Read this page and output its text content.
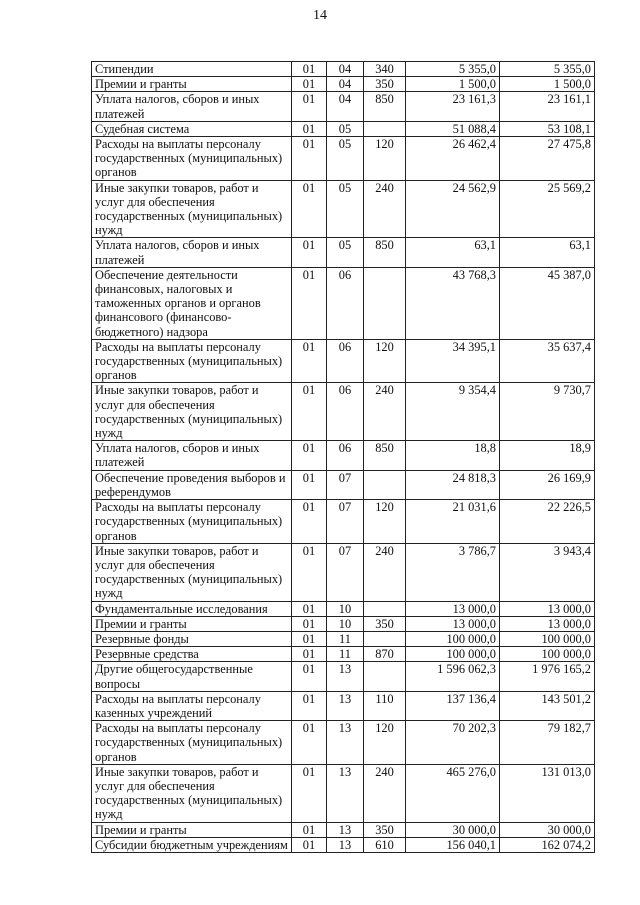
14
Стипендии	01	04	340	5 355,0	5 355,0
Премии и гранты	01	04	350	1 500,0	1 500,0
Уплата налогов, сборов и иных платежей	01	04	850	23 161,3	23 161,1
Судебная система	01	05		51 088,4	53 108,1
Расходы на выплаты персоналу государственных (муниципальных) органов	01	05	120	26 462,4	27 475,8
Иные закупки товаров, работ и услуг для обеспечения государственных (муниципальных) нужд	01	05	240	24 562,9	25 569,2
Уплата налогов, сборов и иных платежей	01	05	850	63,1	63,1
Обеспечение деятельности финансовых, налоговых и таможенных органов и органов финансового (финансово-бюджетного) надзора	01	06		43 768,3	45 387,0
Расходы на выплаты персоналу государственных (муниципальных) органов	01	06	120	34 395,1	35 637,4
Иные закупки товаров, работ и услуг для обеспечения государственных (муниципальных) нужд	01	06	240	9 354,4	9 730,7
Уплата налогов, сборов и иных платежей	01	06	850	18,8	18,9
Обеспечение проведения выборов и референдумов	01	07		24 818,3	26 169,9
Расходы на выплаты персоналу государственных (муниципальных) органов	01	07	120	21 031,6	22 226,5
Иные закупки товаров, работ и услуг для обеспечения государственных (муниципальных) нужд	01	07	240	3 786,7	3 943,4
Фундаментальные исследования	01	10		13 000,0	13 000,0
Премии и гранты	01	10	350	13 000,0	13 000,0
Резервные фонды	01	11		100 000,0	100 000,0
Резервные средства	01	11	870	100 000,0	100 000,0
Другие общегосударственные вопросы	01	13		1 596 062,3	1 976 165,2
Расходы на выплаты персоналу казенных учреждений	01	13	110	137 136,4	143 501,2
Расходы на выплаты персоналу государственных (муниципальных) органов	01	13	120	70 202,3	79 182,7
Иные закупки товаров, работ и услуг для обеспечения государственных (муниципальных) нужд	01	13	240	465 276,0	131 013,0
Премии и гранты	01	13	350	30 000,0	30 000,0
Субсидии бюджетным учреждениям	01	13	610	156 040,1	162 074,2
